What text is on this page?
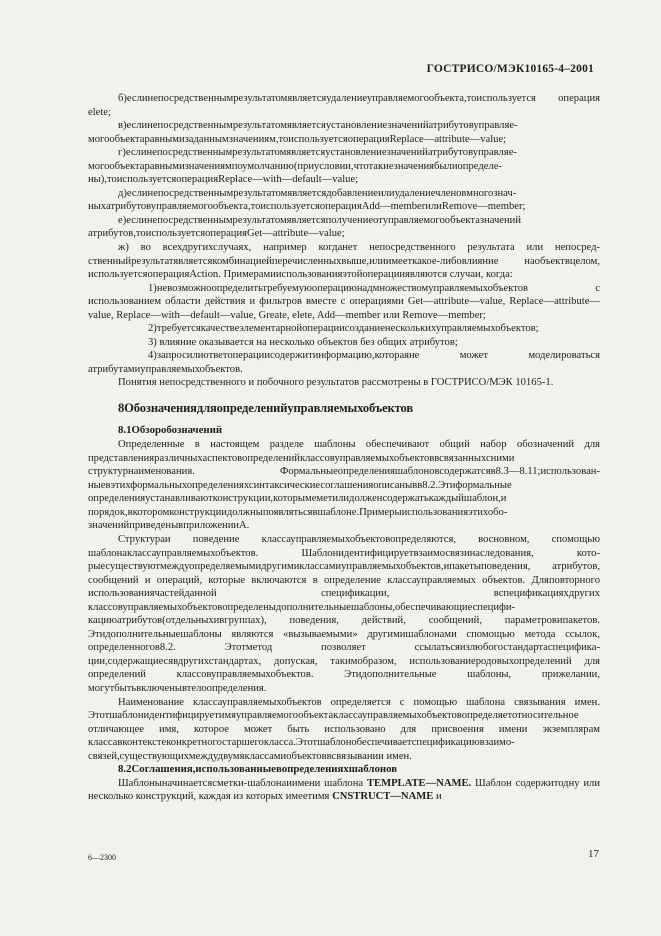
ГОСТРИСО/МЭК10165-4–2001

б)еслинепосредственнымрезультатомявляетсяудалениеуправляемогообъекта,тоиспользуется операция elete;

в)еслинепосредственнымрезультатомявляетсяустановлениезначенийатрибутовуправляемогообъектаравнымизаданнымзначениям,тоиспользуетсяоперацияReplace—attribute—value;

г)еслинепосредственнымрезультатомявляетсяустановлениезначенийатрибутовуправляемогообъектаравнымизначениямпоумолчанию(приусловии,чтотакиезначениябылиопределены),тоиспользуетсяоперацияReplace—with—default—value;

д)еслинепосредственнымрезультатомявляетсядобавлениеилиудалениечленовмногозначныхатрибутовуправляемогообъекта,тоиспользуетсяоперацияAdd—memberилиRemove—member;

е)еслинепосредственнымрезультатомявляетсяполучениеотуправляемогообъектазначений атрибутов,тоиспользуетсяоперацияGet—attribute—value;

ж) во всехдругихслучаях, например когданет непосредственного результата или непосредственныйрезультатявляетсякомбинациейперечисленныхвыше,илиимееткакое-либовлияние наобъектвцелом, используетсяоперацияAction. Примерамииспользованияэтойоперацииявляются случаи, когда:

1)невозможноопределитьтребуемуюоперациюнадмножествомуправляемыхобъектов с использованием области действия и фильтров вместе с операциями Get—attribute—value, Replace—attribute—value, Replace—with—default—value, Greate, elete, Add—member или Remove—member;

2)требуетсякачествеэлементарнойоперациисозданиенесколькихуправляемыхобъектов;

3) влияние оказывается на несколько объектов без общих атрибутов;

4)запросилиответоперациисодержитинформацию,котораяне может моделироваться атрибутамиуправляемыхобъектов.

Понятия непосредственного и побочного результатов рассмотрены в ГОСТРИСО/МЭК 10165-1.

8Обозначениядляопределенийуправляемыхобъектов
8.1Обзоробозначений

Определенные в настоящем разделе шаблоны обеспечивают общий набор обозначений для представленияразличныхаспектовопределенийклассовуправляемыхобъектоввсвязанныхсними структурнаименования. Формальныеопределенияшаблоновсодержатсяв8.3—8.11;использованныевэтихформальныхопределенияхсинтаксическиесоглашенияописанывв8.2.Этиформальные определенияустанавливаютконструкции,которымеметилидолженсодержатькаждыйшаблон,и порядок,вкоторомконструкциидолжныпоявлятьсявшаблоне.ПримерыиспользованияэтихобозначенийприведенывприложенииA.

Структураи поведение классауправляемыхобъектовопределяются, восновном, спомощью шаблонаклассауправляемыхобъектов. Шаблонидентифицируетвзаимосвязинаследования, которыесуществуютмеждуопределяемымидругимиклассамиуправляемыхобъектов,ипакетыповедения, атрибутов, сообщений и операций, которые включаются в определение классауправляемых объектов. Дляповторного использованиячастейданной спецификации, вспецификацияхдругих классовуправляемыхобъектовопределеныдополнительныешаблоны,обеспечивающиеспецификациюатрибутов(отдельныхивгруппах), поведения, действий, сообщений, параметровипакетов. Этидополнительныешаблоны являются «вызываемыми» другимишаблонами спомощью метода ссылок, определенногов8.2. Этотметод позволяет ссылатьсяизлюбогостандартаспецификации,содержащиесявдругихстандартах, допуская, такимобразом, использованиеродовыхопределений для определений классовуправляемыхобъектов. Этидополнительные шаблоны, прижелании, могутбытьвключенывтелоопределения.

Наименование классауправляемыхобъектов определяется с помощью шаблона связывания имен. Этотшаблонидентифицируетимяуправляемогообъектаклассауправляемыхобъектовопределяетотносительное отличающее имя, которое может быть использовано для присвоения имени экземплярам классавконтекстеконкретногостаршегокласса.Этотшаблонобеспечиваетспецификациювзаимосвязей,существующихмеждудвумяклассамиобъектоввсвязывании имен.

8.2Соглашения,использованныевопределенияхшаблонов

Шаблоныначинаетсяcметки-шаблонаиимени шаблона TEMPLATE—NAME. Шаблон содержитодну или несколько конструкций, каждая из которых имеетимя CNSTRUCT—NAME и

6—2300	17
